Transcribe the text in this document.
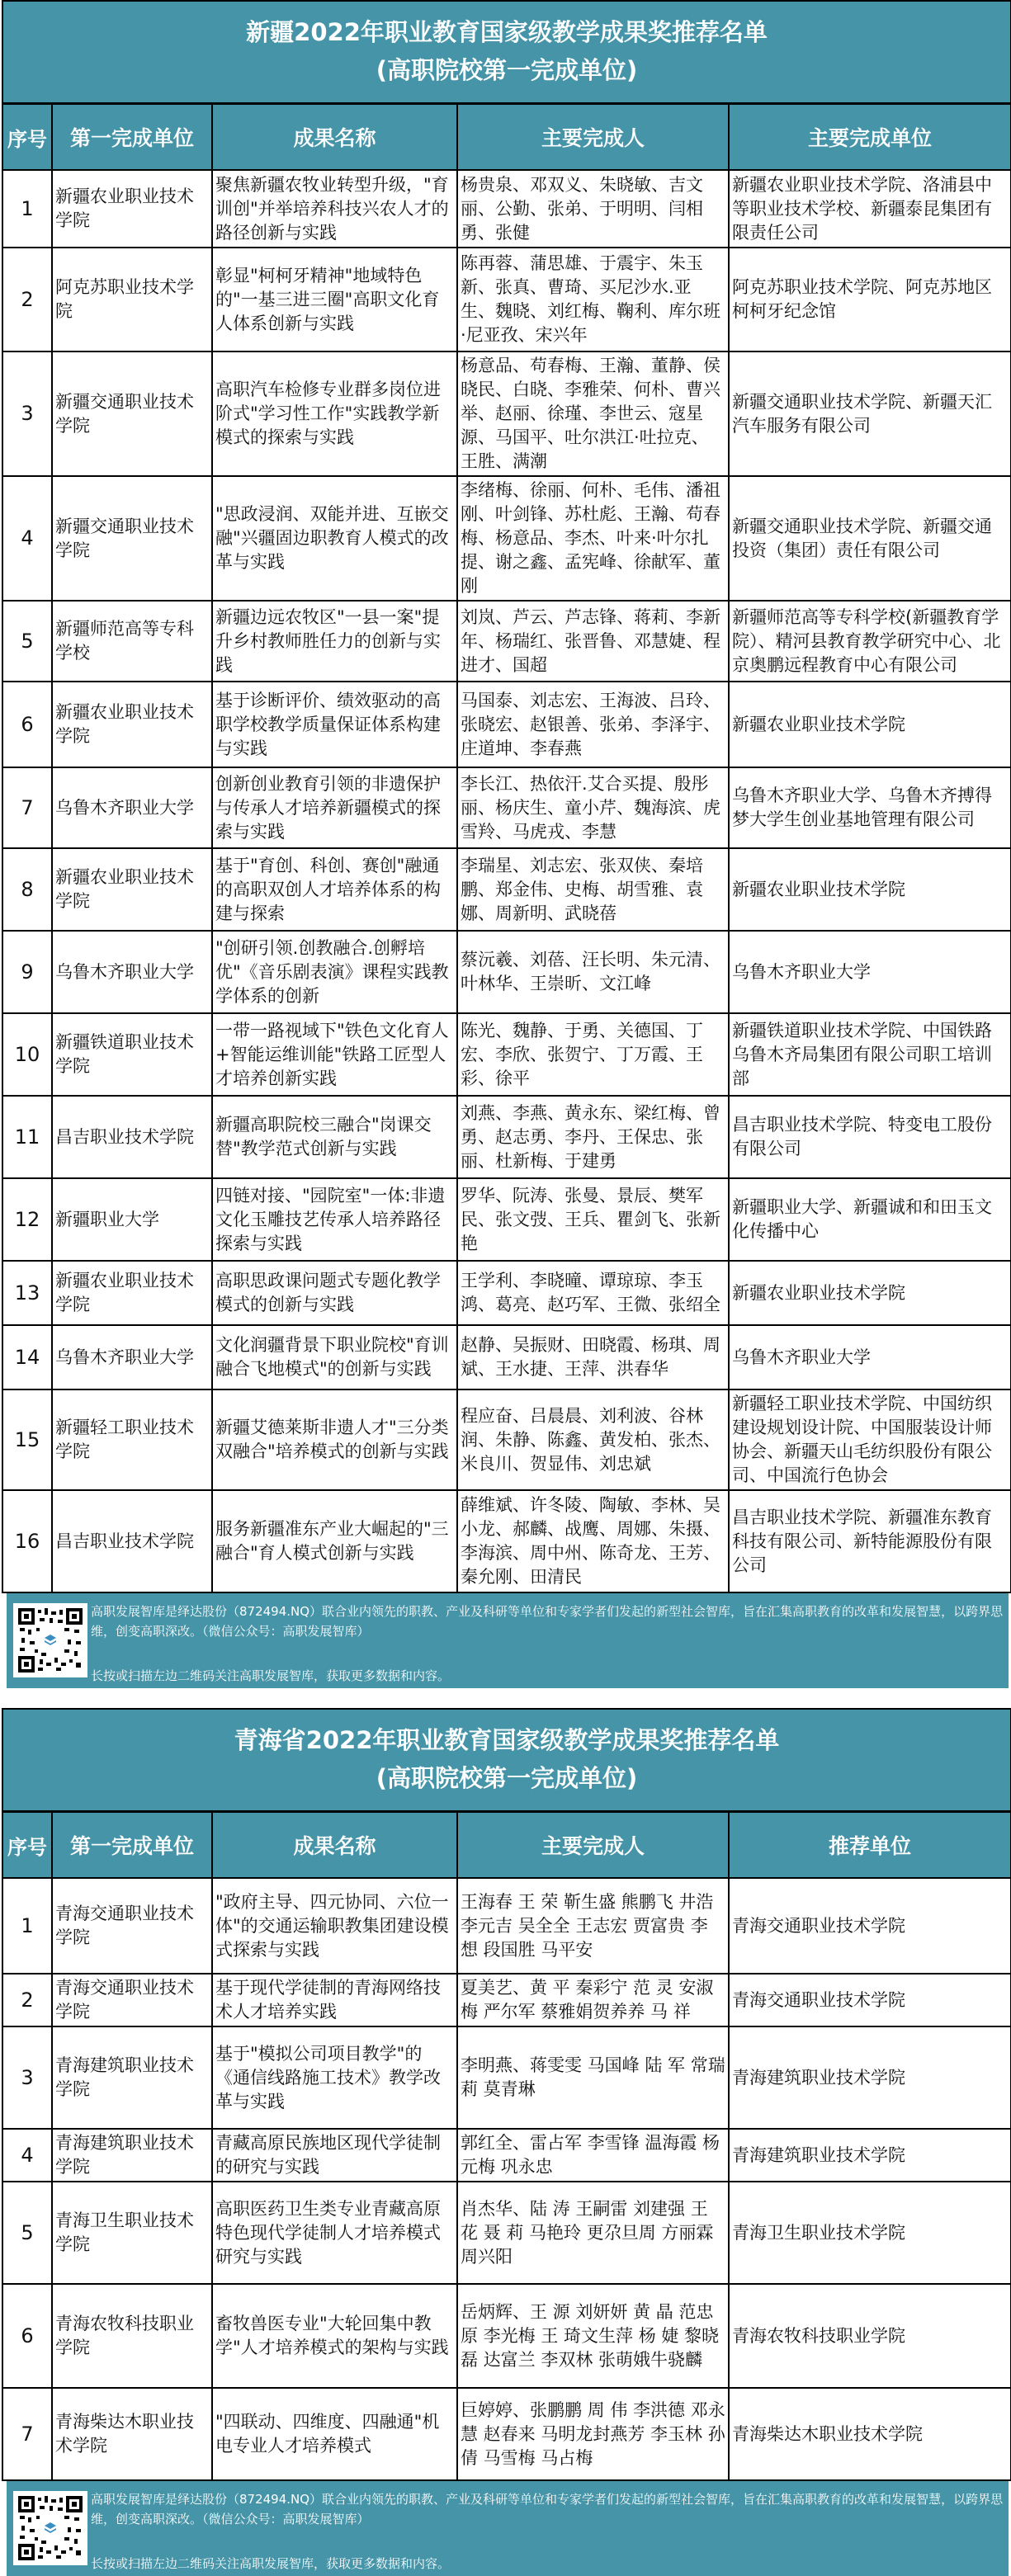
新疆2022年职业教育国家级教学成果奖推荐名单
(高职院校第一完成单位)				

序号	第一完成单位	成果名称	主要完成人	主要完成单位
1	新疆农业职业技术学院	聚焦新疆农牧业转型升级，"育训创"并举培养科技兴农人才的路径创新与实践	杨贵泉、邓双义、朱晓敏、吉文丽、公勤、张弟、于明明、闫相勇、张健	新疆农业职业技术学院、洛浦县中等职业技术学校、新疆泰昆集团有限责任公司
2	阿克苏职业技术学院	彰显"柯柯牙精神"地域特色的"一基三进三圈"高职文化育人体系创新与实践	陈再蓉、蒲思雄、于震宇、朱玉新、张真、曹琦、买尼沙水.亚生、魏晓、刘红梅、鞠利、库尔班·尼亚孜、宋兴年	阿克苏职业技术学院、阿克苏地区柯柯牙纪念馆
3	新疆交通职业技术学院	高职汽车检修专业群多岗位进阶式"学习性工作"实践教学新模式的探索与实践	杨意品、苟春梅、王瀚、董静、侯晓民、白晓、李雅荣、何朴、曹兴举、赵丽、徐瑾、李世云、寇星源、马国平、吐尔洪江·吐拉克、王胜、满潮	新疆交通职业技术学院、新疆天汇汽车服务有限公司
4	新疆交通职业技术学院	"思政浸润、双能并进、互嵌交融"兴疆固边职教育人模式的改革与实践	李绪梅、徐丽、何朴、毛伟、潘祖刚、叶剑锋、苏杜彪、王瀚、苟春梅、杨意品、李杰、叶来·叶尔扎提、谢之鑫、孟宪峰、徐献军、董刚	新疆交通职业技术学院、新疆交通投资（集团）责任有限公司
5	新疆师范高等专科学校	新疆边远农牧区"一县一案"提升乡村教师胜任力的创新与实践	刘岚、芦云、芦志锋、蒋莉、李新年、杨瑞红、张晋鲁、邓慧婕、程进才、国超	新疆师范高等专科学校(新疆教育学院）、精河县教育教学研究中心、北京奥鹏远程教育中心有限公司
6	新疆农业职业技术学院	基于诊断评价、绩效驱动的高职学校教学质量保证体系构建与实践	马国泰、刘志宏、王海波、吕玲、张晓宏、赵银善、张弟、李泽宇、庄道坤、李春燕	新疆农业职业技术学院
7	乌鲁木齐职业大学	创新创业教育引领的非遗保护与传承人才培养新疆模式的探索与实践	李长江、热依汗.艾合买提、殷彤丽、杨庆生、童小芹、魏海滨、虎雪羚、马虎戎、李慧	乌鲁木齐职业大学、乌鲁木齐搏得梦大学生创业基地管理有限公司
8	新疆农业职业技术学院	基于"育创、科创、赛创"融通的高职双创人才培养体系的构建与探索	李瑞星、刘志宏、张双侠、秦培鹏、郑金伟、史梅、胡雪雅、袁娜、周新明、武晓蓓	新疆农业职业技术学院
9	乌鲁木齐职业大学	"创研引领.创教融合.创孵培优"《音乐剧表演》课程实践教学体系的创新	蔡沅羲、刘蓓、汪长明、朱元清、叶林华、王崇昕、文江峰	乌鲁木齐职业大学
10	新疆铁道职业技术学院	一带一路视域下"铁色文化育人+智能运维训能"铁路工匠型人才培养创新实践	陈光、魏静、于勇、关德国、丁宏、李欣、张贺宁、丁万霞、王彩、徐平	新疆铁道职业技术学院、中国铁路乌鲁木齐局集团有限公司职工培训部
11	昌吉职业技术学院	新疆高职院校三融合"岗课交替"教学范式创新与实践	刘燕、李燕、黄永东、梁红梅、曾勇、赵志勇、李丹、王保忠、张丽、杜新梅、于建勇	昌吉职业技术学院、特变电工股份有限公司
12	新疆职业大学	四链对接、"园院室"一体:非遗文化玉雕技艺传承人培养路径探索与实践	罗华、阮涛、张曼、景辰、樊军民、张文弢、王兵、瞿剑飞、张新艳	新疆职业大学、新疆诚和和田玉文化传播中心
13	新疆农业职业技术学院	高职思政课问题式专题化教学模式的创新与实践	王学利、李晓曈、谭琼琼、李玉鸿、葛亮、赵巧军、王微、张绍全	新疆农业职业技术学院
14	乌鲁木齐职业大学	文化润疆背景下职业院校"育训融合飞地模式"的创新与实践	赵静、吴振财、田晓霞、杨琪、周斌、王水捷、王萍、洪春华	乌鲁木齐职业大学
15	新疆轻工职业技术学院	新疆艾德莱斯非遗人才"三分类 双融合"培养模式的创新与实践	程应奋、吕晨晨、刘利波、谷林润、朱静、陈鑫、黄发柏、张杰、米良川、贺显伟、刘忠斌	新疆轻工职业技术学院、中国纺织建设规划设计院、中国服装设计师协会、新疆天山毛纺织股份有限公司、中国流行色协会
16	昌吉职业技术学院	服务新疆准东产业大崛起的"三融合"育人模式创新与实践	薛维斌、许冬陵、陶敏、李林、吴小龙、郝麟、战鹰、周娜、朱摄、李海滨、周中州、陈奇龙、王芳、秦允刚、田清民	昌吉职业技术学院、新疆准东教育科技有限公司、新特能源股份有限公司
高职发展智库是绎达股份（872494.NQ）联合业内领先的职教、产业及科研等单位和专家学者们发起的新型社会智库，旨在汇集高职教育的改革和发展智慧，以跨界思维，创变高职深改。（微信公众号：高职发展智库）
长按或扫描左边二维码关注高职发展智库，获取更多数据和内容。
青海省2022年职业教育国家级教学成果奖推荐名单
(高职院校第一完成单位)				

序号	第一完成单位	成果名称	主要完成人	推荐单位
1	青海交通职业技术学院	"政府主导、四元协同、六位一体"的交通运输职教集团建设模式探索与实践	王海春 王 荣 靳生盛 熊鹏飞 井浩 李元吉 吴全全 王志宏 贾富贵 李 想 段国胜 马平安	青海交通职业技术学院
2	青海交通职业技术学院	基于现代学徒制的青海网络技术人才培养实践	夏美艺、黄 平 秦彩宁 范 灵 安淑梅 严尔军 蔡雅娟贺养养 马 祥	青海交通职业技术学院
3	青海建筑职业技术学院	基于"模拟公司项目教学"的《通信线路施工技术》教学改革与实践	李明燕、蒋雯雯 马国峰 陆 军 常瑞莉 莫青琳	青海建筑职业技术学院
4	青海建筑职业技术学院	青藏高原民族地区现代学徒制的研究与实践	郭红全、雷占军 李雪锋 温海霞 杨元梅 巩永忠	青海建筑职业技术学院
5	青海卫生职业技术学院	高职医药卫生类专业青藏高原特色现代学徒制人才培养模式研究与实践	肖杰华、陆 涛 王嗣雷 刘建强 王 花 聂 莉 马艳玲 更尕旦周 方丽霖 周兴阳	青海卫生职业技术学院
6	青海农牧科技职业学院	畜牧兽医专业"大轮回集中教学"人才培养模式的架构与实践	岳炳辉、王 源 刘妍妍 黄 晶 范忠原 李光梅 王 琦文生萍 杨 婕 黎晓磊 达富兰 李双林 张萌娥牛骁麟	青海农牧科技职业学院
7	青海柴达木职业技术学院	"四联动、四维度、四融通"机电专业人才培养模式	巨婷婷、张鹏鹏 周 伟 李洪德 邓永慧 赵春来 马明龙封燕芳 李玉林 孙 倩 马雪梅 马占梅	青海柴达木职业技术学院
高职发展智库是绎达股份（872494.NQ）联合业内领先的职教、产业及科研等单位和专家学者们发起的新型社会智库，旨在汇集高职教育的改革和发展智慧，以跨界思维，创变高职深改。（微信公众号：高职发展智库）
长按或扫描左边二维码关注高职发展智库，获取更多数据和内容。
